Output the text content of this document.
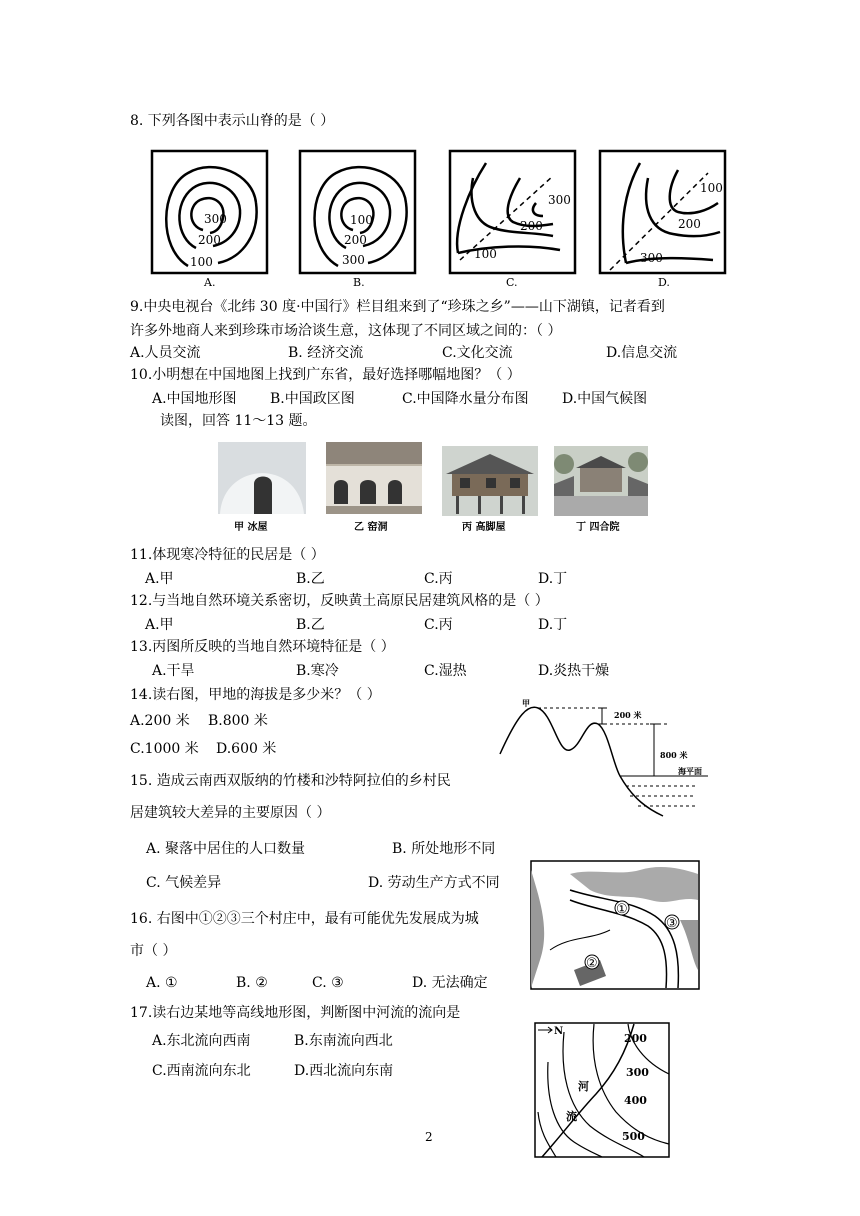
8. 下列各图中表示山脊的是（ ）
300
200
100
100
200
300
300
200
100
100
200
300
A.	B.	C.	D.
9.中央电视台《北纬 30 度·中国行》栏目组来到了“珍珠之乡”——山下湖镇，记者看到
许多外地商人来到珍珠市场洽谈生意，这体现了不同区域之间的：（ ）
A.人员交流	B. 经济交流	C.文化交流	D.信息交流
10.小明想在中国地图上找到广东省，最好选择哪幅地图？（ ）
A.中国地形图 B.中国政区图	C.中国降水量分布图 D.中国气候图
读图，回答 11～13 题。
甲 冰屋	乙 窑洞	丙 高脚屋	丁 四合院
11.体现寒冷特征的民居是（ ）
A.甲	B.乙	C.丙	D.丁
12.与当地自然环境关系密切，反映黄土高原民居建筑风格的是（ ）
A.甲	B.乙	C.丙	D.丁
13.丙图所反映的当地自然环境特征是（ ）
A.干旱	B.寒冷	C.湿热	D.炎热干燥
14.读右图，甲地的海拔是多少米？（ ）
A.200 米 B.800 米
C.1000 米 D.600 米
甲
200 米
800 米
海平面
15. 造成云南西双版纳的竹楼和沙特阿拉伯的乡村民
居建筑较大差异的主要原因（ ）
A. 聚落中居住的人口数量	B. 所处地形不同
C. 气候差异	D. 劳动生产方式不同
①
②
③
16. 右图中①②③三个村庄中，最有可能优先发展成为城
市（ ）
A. ①	B. ②	C. ③	D. 无法确定
17.读右边某地等高线地形图，判断图中河流的流向是
A.东北流向西南	B.东南流向西北
C.西南流向东北	D.西北流向东南
N
200
300
400
500
河
流
2
